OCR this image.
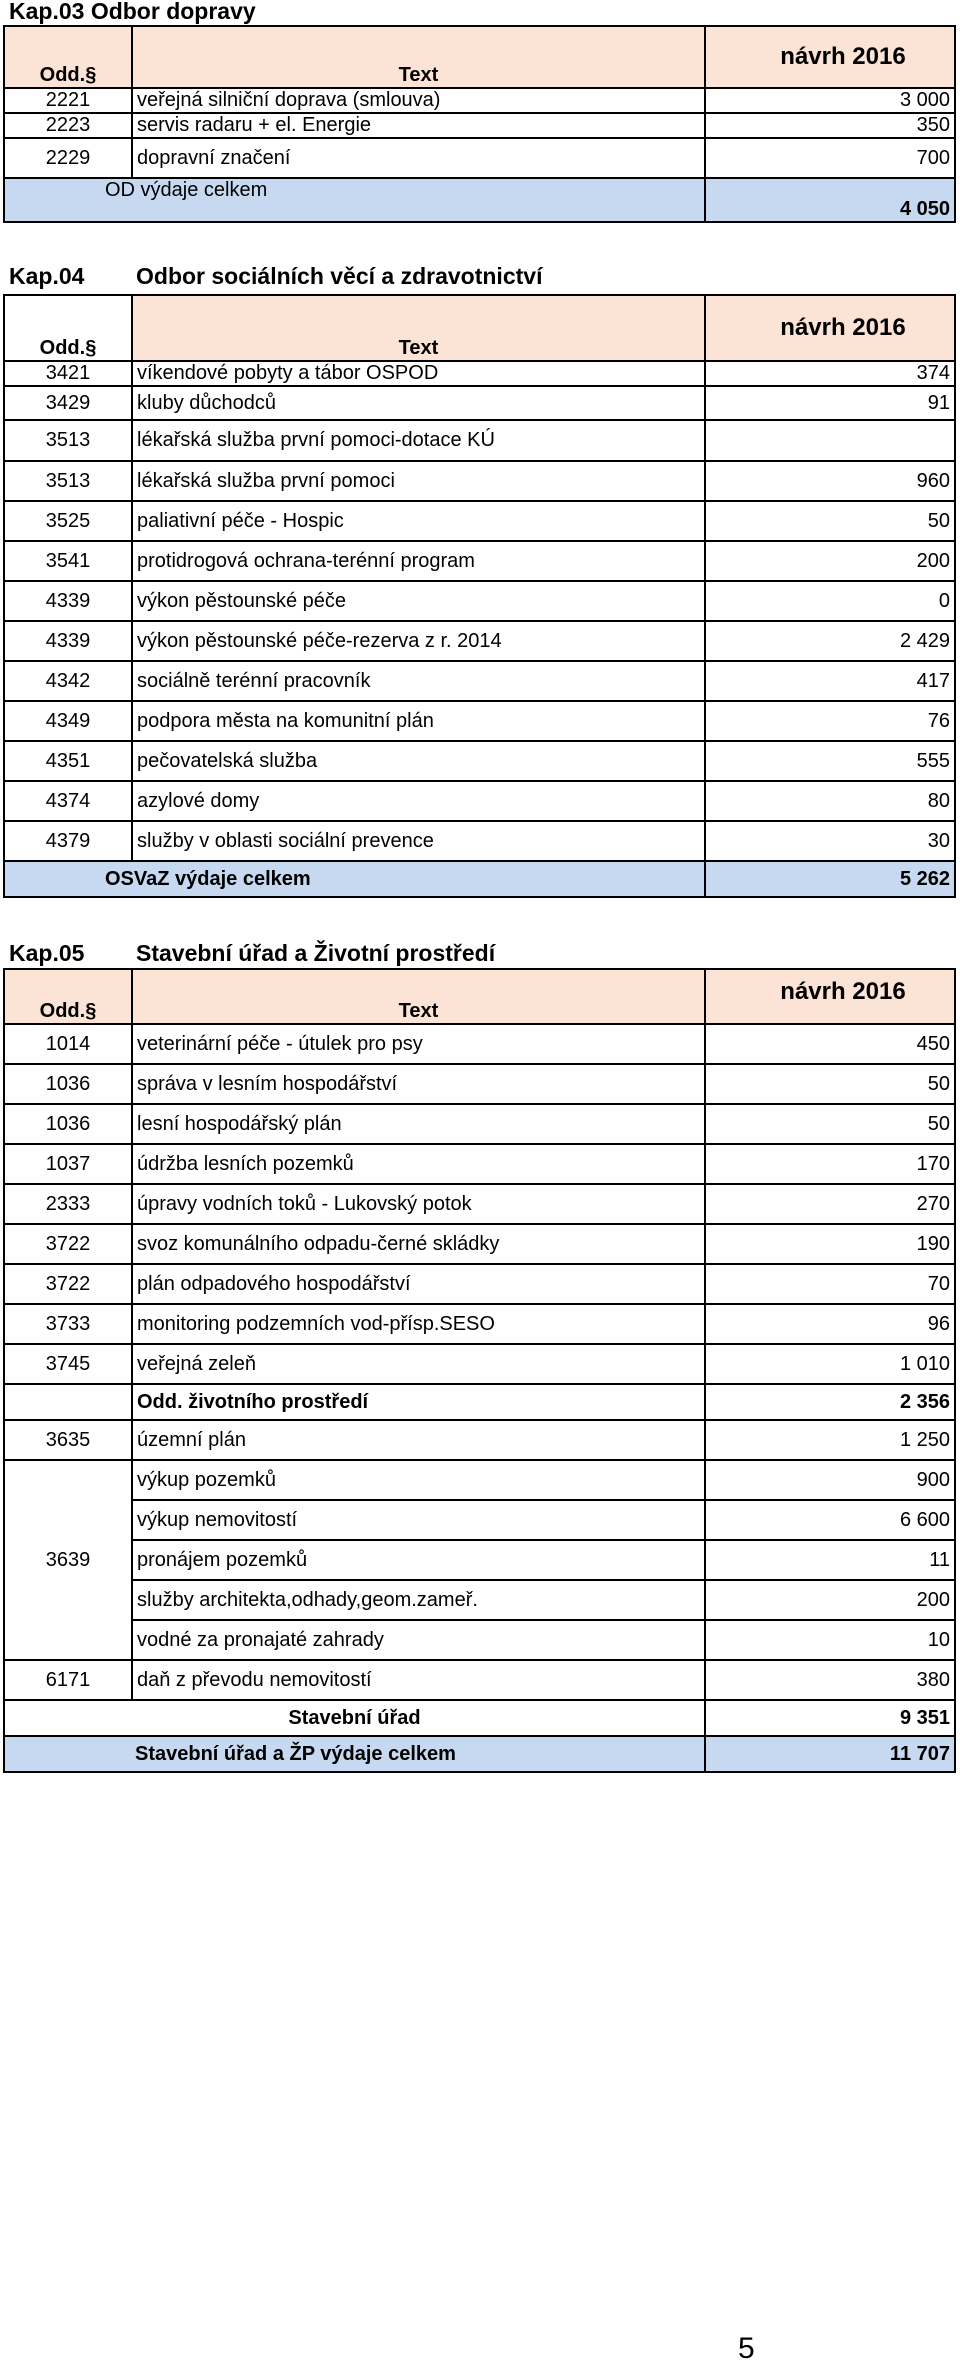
Kap.03 Odbor dopravy

Odd.§	Text	návrh 2016
2221	veřejná silniční doprava (smlouva)	3 000
2223	servis radaru + el. Energie	350
2229	dopravní značení	700
OD výdaje celkem		4 050

Kap.04 Odbor sociálních věcí a zdravotnictví

Odd.§	Text	návrh 2016
3421	víkendové pobyty a tábor OSPOD	374
3429	kluby důchodců	91
3513	lékařská služba první pomoci-dotace KÚ	
3513	lékařská služba první pomoci	960
3525	paliativní péče - Hospic	50
3541	protidrogová ochrana-terénní program	200
4339	výkon pěstounské péče	0
4339	výkon pěstounské péče-rezerva z r. 2014	2 429
4342	sociálně terénní pracovník	417
4349	podpora města na komunitní plán	76
4351	pečovatelská služba	555
4374	azylové domy	80
4379	služby v oblasti sociální prevence	30
OSVaZ výdaje celkem		5 262

Kap.05 Stavební úřad a Životní prostředí

Odd.§	Text	návrh 2016
1014	veterinární péče - útulek pro psy	450
1036	správa v lesním hospodářství	50
1036	lesní hospodářský plán	50
1037	údržba lesních pozemků	170
2333	úpravy vodních toků - Lukovský potok	270
3722	svoz komunálního odpadu-černé skládky	190
3722	plán odpadového hospodářství	70
3733	monitoring podzemních vod-přísp.SESO	96
3745	veřejná zeleň	1 010
	Odd. životního prostředí	2 356
3635	územní plán	1 250
3639	výkup pozemků	900
	výkup nemovitostí	6 600
	pronájem pozemků	11
	služby architekta,odhady,geom.zameř.	200
	vodné za pronajaté zahrady	10
6171	daň z převodu nemovitostí	380
Stavební úřad		9 351
Stavební úřad a ŽP výdaje celkem		11 707
5
